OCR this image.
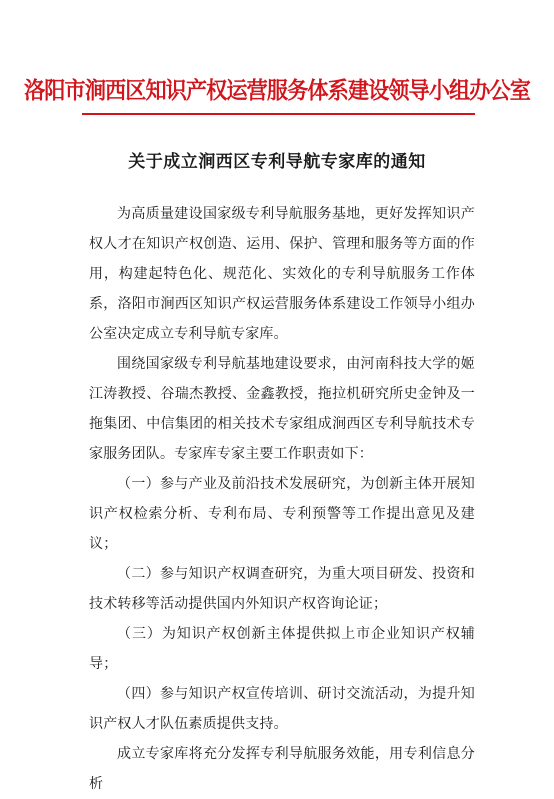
洛阳市涧西区知识产权运营服务体系建设领导小组办公室
关于成立涧西区专利导航专家库的通知

为高质量建设国家级专利导航服务基地，更好发挥知识产权人才在知识产权创造、运用、保护、管理和服务等方面的作用，构建起特色化、规范化、实效化的专利导航服务工作体系，洛阳市涧西区知识产权运营服务体系建设工作领导小组办公室决定成立专利导航专家库。

围绕国家级专利导航基地建设要求，由河南科技大学的姬江涛教授、谷瑞杰教授、金鑫教授，拖拉机研究所史金钟及一拖集团、中信集团的相关技术专家组成涧西区专利导航技术专家服务团队。专家库专家主要工作职责如下：

（一）参与产业及前沿技术发展研究，为创新主体开展知识产权检索分析、专利布局、专利预警等工作提出意见及建议；

（二）参与知识产权调查研究，为重大项目研发、投资和技术转移等活动提供国内外知识产权咨询论证；

（三）为知识产权创新主体提供拟上市企业知识产权辅导；

（四）参与知识产权宣传培训、研讨交流活动，为提升知识产权人才队伍素质提供支持。

成立专家库将充分发挥专利导航服务效能，用专利信息分析
